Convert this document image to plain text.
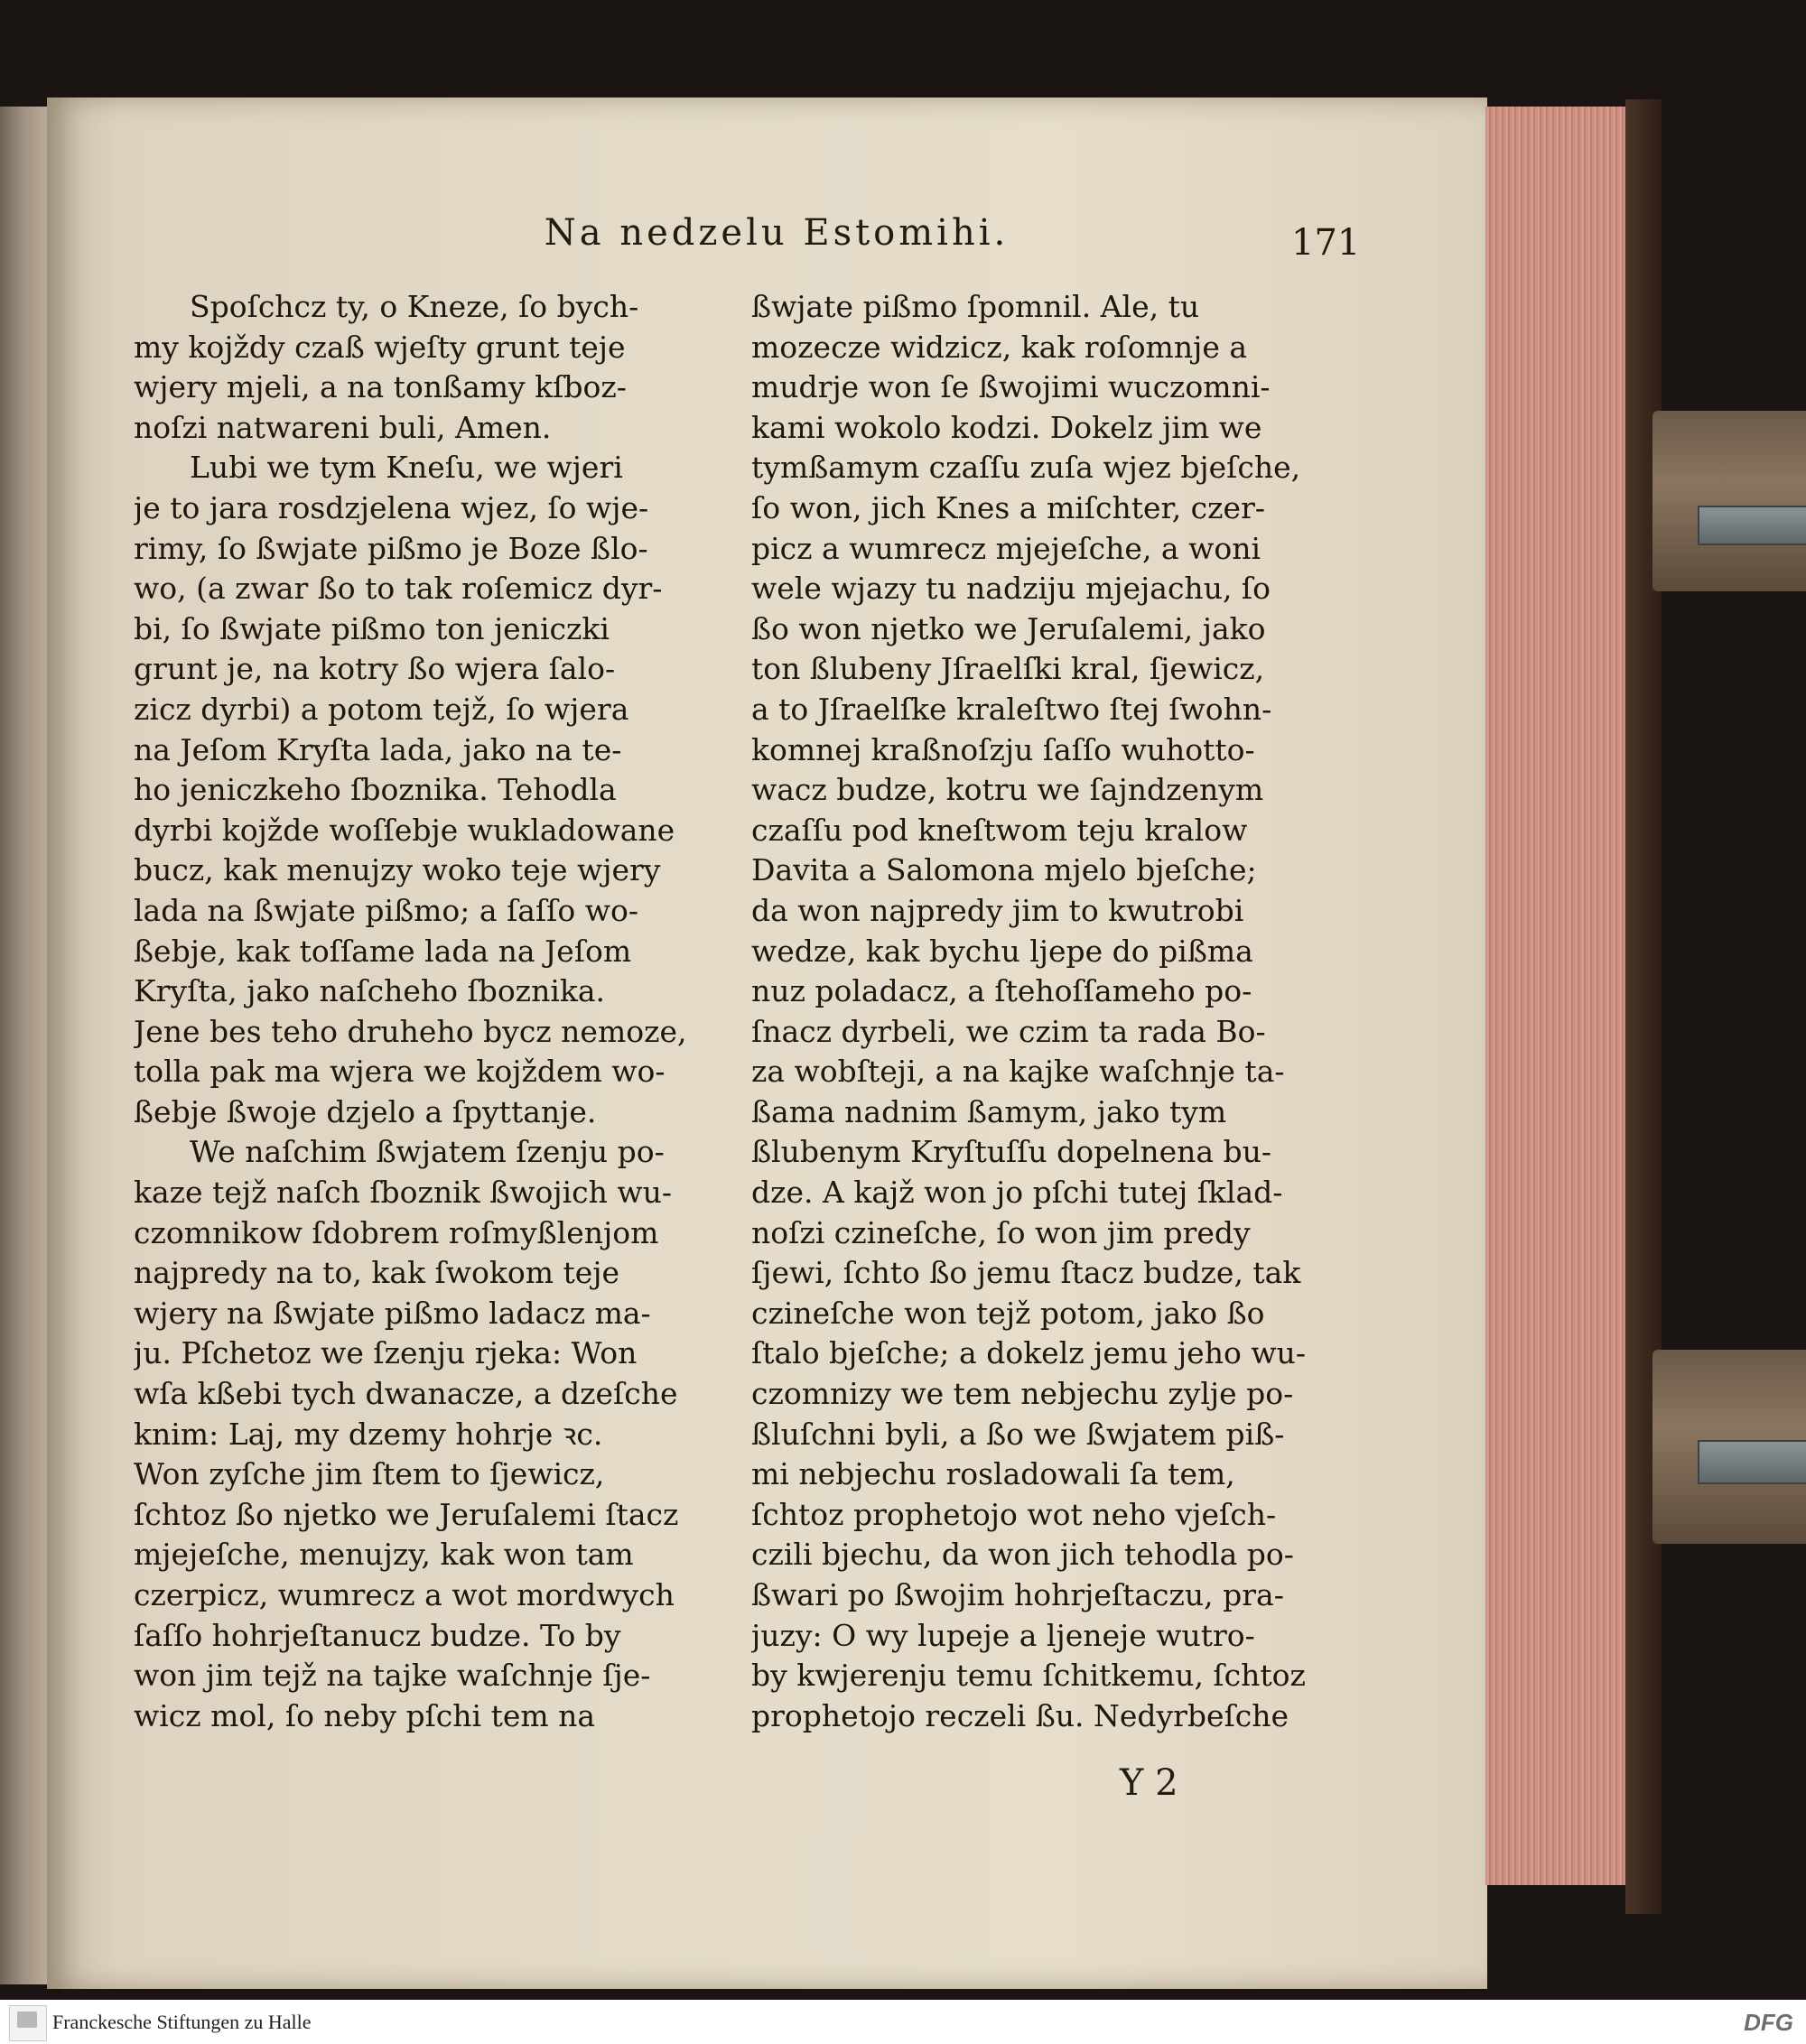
Na nedzelu Estomihi.	171
Spoſchcz ty, o Kneze, ſo bych-
my kojždy czaß wjeſty grunt teje
wjery mjeli, a na tonßamy kſboz-
noſzi natwareni buli, Amen.
Lubi we tym Kneſu, we wjeri
je to jara rosdzjelena wjez, ſo wje-
rimy, ſo ßwjate pißmo je Boze ßlo-
wo, (a zwar ßo to tak roſemicz dyr-
bi, ſo ßwjate pißmo ton jeniczki
grunt je, na kotry ßo wjera ſalo-
zicz dyrbi) a potom tejž, ſo wjera
na Jeſom Kryſta lada, jako na te-
ho jeniczkeho ſboznika. Tehodla
dyrbi kojžde woſſebje wukladowane
bucz, kak menujzy woko teje wjery
lada na ßwjate pißmo; a ſaſſo wo-
ßebje, kak toſſame lada na Jeſom
Kryſta, jako naſcheho ſboznika.
Jene bes teho druheho bycz nemoze,
tolla pak ma wjera we kojždem wo-
ßebje ßwoje dzjelo a ſpyttanje.
We naſchim ßwjatem ſzenju po-
kaze tejž naſch ſboznik ßwojich wu-
czomnikow ſdobrem roſmyßlenjom
najpredy na to, kak ſwokom teje
wjery na ßwjate pißmo ladacz ma-
ju. Pſchetoz we ſzenju rjeka: Won
wſa kßebi tych dwanacze, a dzeſche
knim: Laj, my dzemy hohrje ꝛc.
Won zyſche jim ſtem to ſjewicz,
ſchtoz ßo njetko we Jeruſalemi ſtacz
mjejeſche, menujzy, kak won tam
czerpicz, wumrecz a wot mordwych
ſaſſo hohrjeſtanucz budze. To by
won jim tejž na tajke waſchnje ſje-
wicz mol, ſo neby pſchi tem na
ßwjate pißmo ſpomnil. Ale, tu
mozecze widzicz, kak roſomnje a
mudrje won ſe ßwojimi wuczomni-
kami wokolo kodzi. Dokelz jim we
tymßamym czaſſu zuſa wjez bjeſche,
ſo won, jich Knes a miſchter, czer-
picz a wumrecz mjejeſche, a woni
wele wjazy tu nadziju mjejachu, ſo
ßo won njetko we Jeruſalemi, jako
ton ßlubeny Jſraelſki kral, ſjewicz,
a to Jſraelſke kraleſtwo ſtej ſwohn-
komnej kraßnoſzju ſaſſo wuhotto-
wacz budze, kotru we ſajndzenym
czaſſu pod kneſtwom teju kralow
Davita a Salomona mjelo bjeſche;
da won najpredy jim to kwutrobi
wedze, kak bychu ljepe do pißma
nuz poladacz, a ſtehoſſameho po-
ſnacz dyrbeli, we czim ta rada Bo-
za wobſteji, a na kajke waſchnje ta-
ßama nadnim ßamym, jako tym
ßlubenym Kryſtuſſu dopelnena bu-
dze. A kajž won jo pſchi tutej ſklad-
noſzi czineſche, ſo won jim predy
ſjewi, ſchto ßo jemu ſtacz budze, tak
czineſche won tejž potom, jako ßo
ſtalo bjeſche; a dokelz jemu jeho wu-
czomnizy we tem nebjechu zylje po-
ßluſchni byli, a ßo we ßwjatem piß-
mi nebjechu rosladowali ſa tem,
ſchtoz prophetojo wot neho vjeſch-
czili bjechu, da won jich tehodla po-
ßwari po ßwojim hohrjeſtaczu, pra-
juzy: O wy lupeje a ljeneje wutro-
by kwjerenju temu ſchitkemu, ſchtoz
prophetojo reczeli ßu. Nedyrbeſche
Y 2
Franckesche Stiftungen zu Halle	DFG
